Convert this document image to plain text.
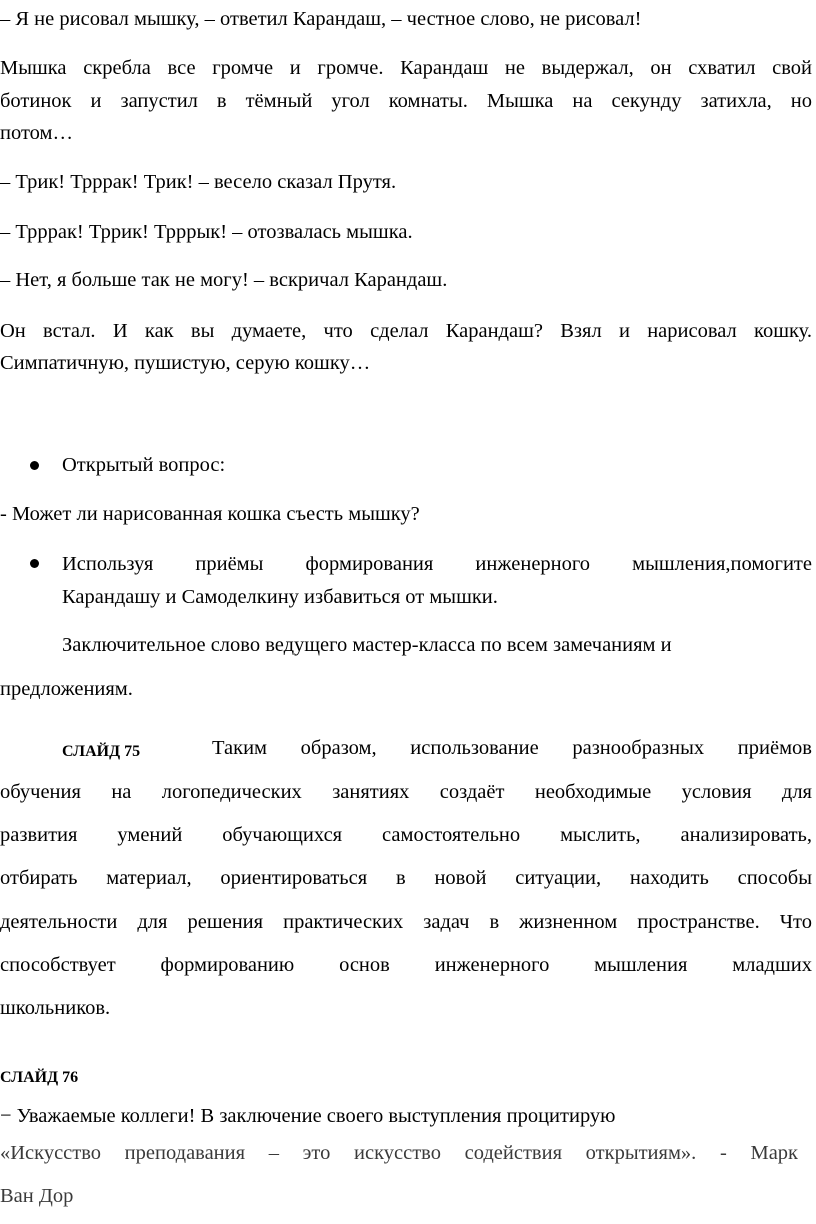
– Я не рисовал мышку, – ответил Карандаш, – честное слово, не рисовал!
Мышка скребла все громче и громче. Карандаш не выдержал, он схватил свой
ботинок и запустил в тёмный угол комнаты. Мышка на секунду затихла, но
потом…
– Трик! Трррак! Трик! – весело сказал Прутя.
– Трррак! Тррик! Трррык! – отозвалась мышка.
– Нет, я больше так не могу! – вскричал Карандаш.
Он встал. И как вы думаете, что сделал Карандаш? Взял и нарисовал кошку.
Симпатичную, пушистую, серую кошку…
Открытый вопрос:
- Может ли нарисованная кошка съесть мышку?
Используя приёмы формирования инженерного мышления,помогите
Карандашу и Самоделкину избавиться от мышки.
Заключительное слово ведущего мастер-класса по всем замечаниям и
предложениям.
СЛАЙД 75	Таким образом, использование разнообразных приёмов
обучения на логопедических занятиях создаёт необходимые условия для
развития умений обучающихся самостоятельно мыслить, анализировать,
отбирать материал, ориентироваться в новой ситуации, находить способы
деятельности для решения практических задач в жизненном пространстве. Что
способствует формированию основ инженерного мышления младших
школьников.
СЛАЙД 76
− Уважаемые коллеги! В заключение своего выступления процитирую
«Искусство преподавания – это искусство содействия открытиям». - Марк
Ван Дор
